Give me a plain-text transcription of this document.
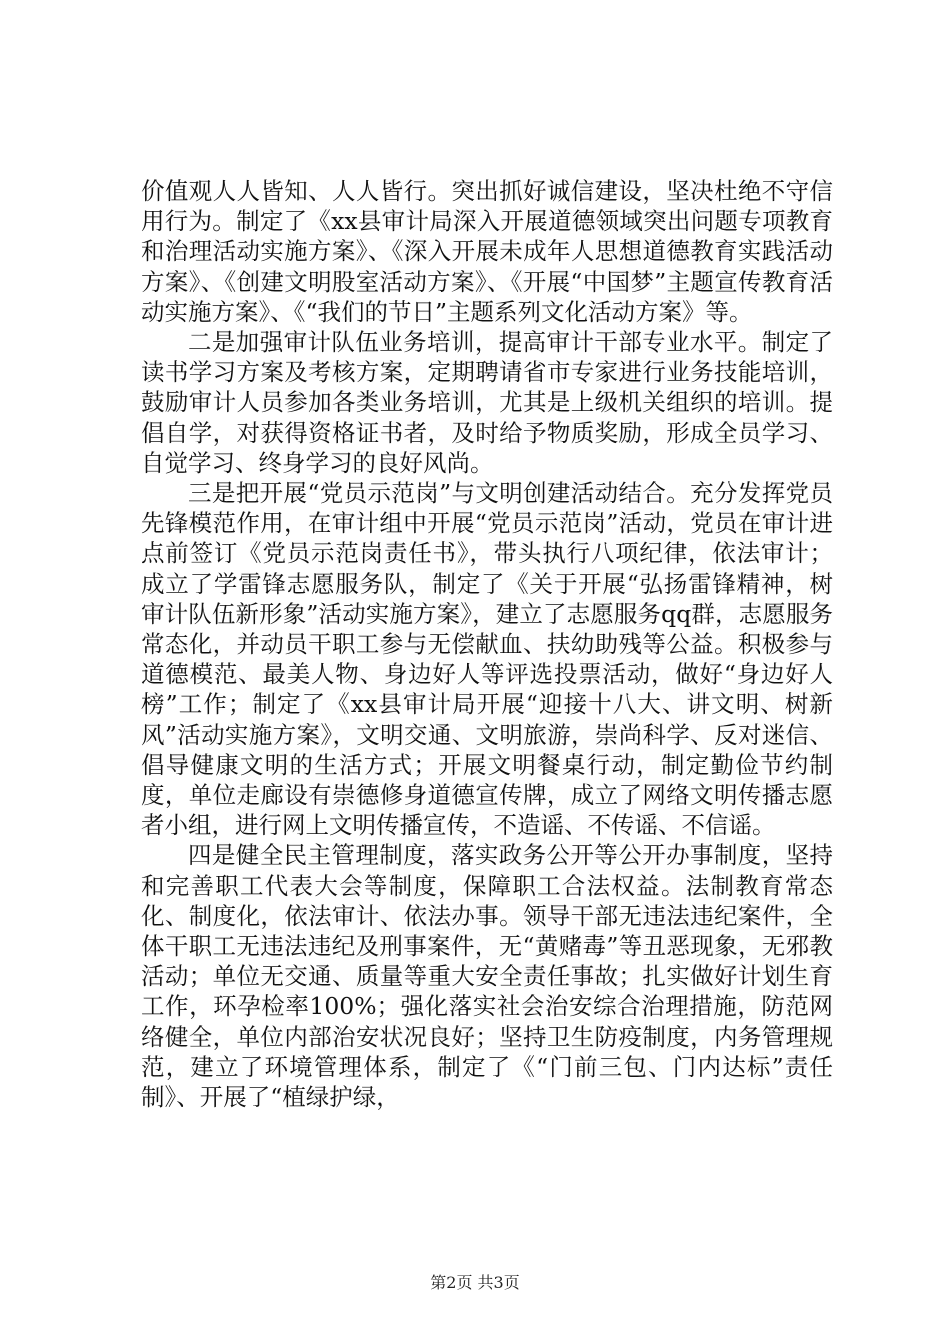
价值观人人皆知、人人皆行。突出抓好诚信建设，坚决杜绝不守信用行为。制定了《xx县审计局深入开展道德领域突出问题专项教育和治理活动实施方案》、《深入开展未成年人思想道德教育实践活动方案》、《创建文明股室活动方案》、《开展“中国梦”主题宣传教育活动实施方案》、《“我们的节日”主题系列文化活动方案》等。

二是加强审计队伍业务培训，提高审计干部专业水平。制定了读书学习方案及考核方案，定期聘请省市专家进行业务技能培训，鼓励审计人员参加各类业务培训，尤其是上级机关组织的培训。提倡自学，对获得资格证书者，及时给予物质奖励，形成全员学习、自觉学习、终身学习的良好风尚。

三是把开展“党员示范岗”与文明创建活动结合。充分发挥党员先锋模范作用，在审计组中开展“党员示范岗”活动，党员在审计进点前签订《党员示范岗责任书》，带头执行八项纪律，依法审计；成立了学雷锋志愿服务队，制定了《关于开展“弘扬雷锋精神，树审计队伍新形象”活动实施方案》，建立了志愿服务qq群，志愿服务常态化，并动员干职工参与无偿献血、扶幼助残等公益。积极参与道德模范、最美人物、身边好人等评选投票活动，做好“身边好人榜”工作；制定了《xx县审计局开展“迎接十八大、讲文明、树新风”活动实施方案》，文明交通、文明旅游，崇尚科学、反对迷信、倡导健康文明的生活方式；开展文明餐桌行动，制定勤俭节约制度，单位走廊设有崇德修身道德宣传牌，成立了网络文明传播志愿者小组，进行网上文明传播宣传，不造谣、不传谣、不信谣。

四是健全民主管理制度，落实政务公开等公开办事制度，坚持和完善职工代表大会等制度，保障职工合法权益。法制教育常态化、制度化，依法审计、依法办事。领导干部无违法违纪案件，全体干职工无违法违纪及刑事案件，无“黄赌毒”等丑恶现象，无邪教活动；单位无交通、质量等重大安全责任事故；扎实做好计划生育工作，环孕检率100%；强化落实社会治安综合治理措施，防范网络健全，单位内部治安状况良好；坚持卫生防疫制度，内务管理规范，建立了环境管理体系，制定了《“门前三包、门内达标”责任制》、开展了“植绿护绿，

第2页 共3页
